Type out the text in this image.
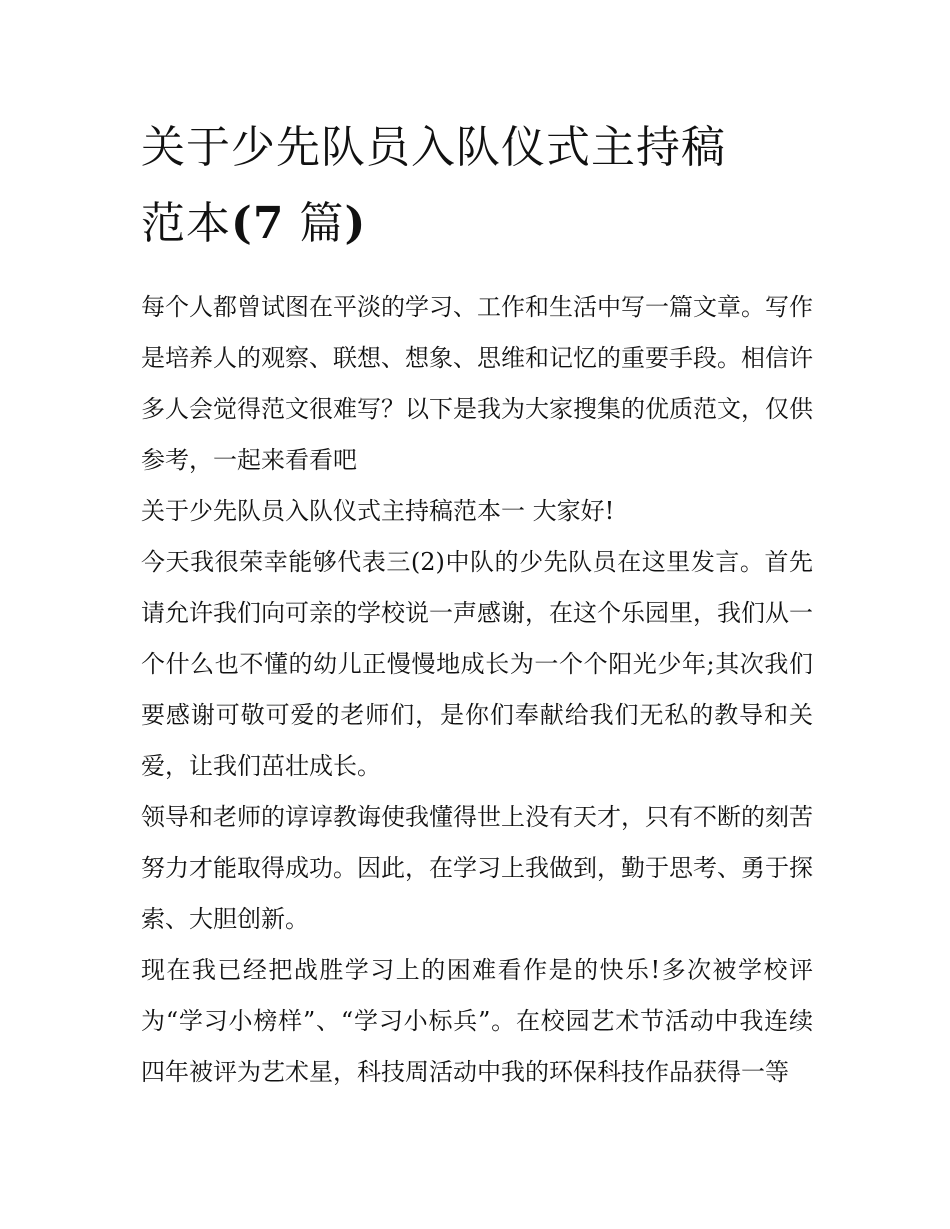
关于少先队员入队仪式主持稿
范本(7 篇)

每个人都曾试图在平淡的学习、工作和生活中写一篇文章。写作是培养人的观察、联想、想象、思维和记忆的重要手段。相信许多人会觉得范文很难写？以下是我为大家搜集的优质范文，仅供参考，一起来看看吧

关于少先队员入队仪式主持稿范本一 大家好!

今天我很荣幸能够代表三(2)中队的少先队员在这里发言。首先请允许我们向可亲的学校说一声感谢，在这个乐园里，我们从一个什么也不懂的幼儿正慢慢地成长为一个个阳光少年;其次我们要感谢可敬可爱的老师们，是你们奉献给我们无私的教导和关爱，让我们茁壮成长。

领导和老师的谆谆教诲使我懂得世上没有天才，只有不断的刻苦努力才能取得成功。因此，在学习上我做到，勤于思考、勇于探索、大胆创新。

现在我已经把战胜学习上的困难看作是的快乐!多次被学校评为“学习小榜样”、“学习小标兵”。在校园艺术节活动中我连续四年被评为艺术星，科技周活动中我的环保科技作品获得一等
